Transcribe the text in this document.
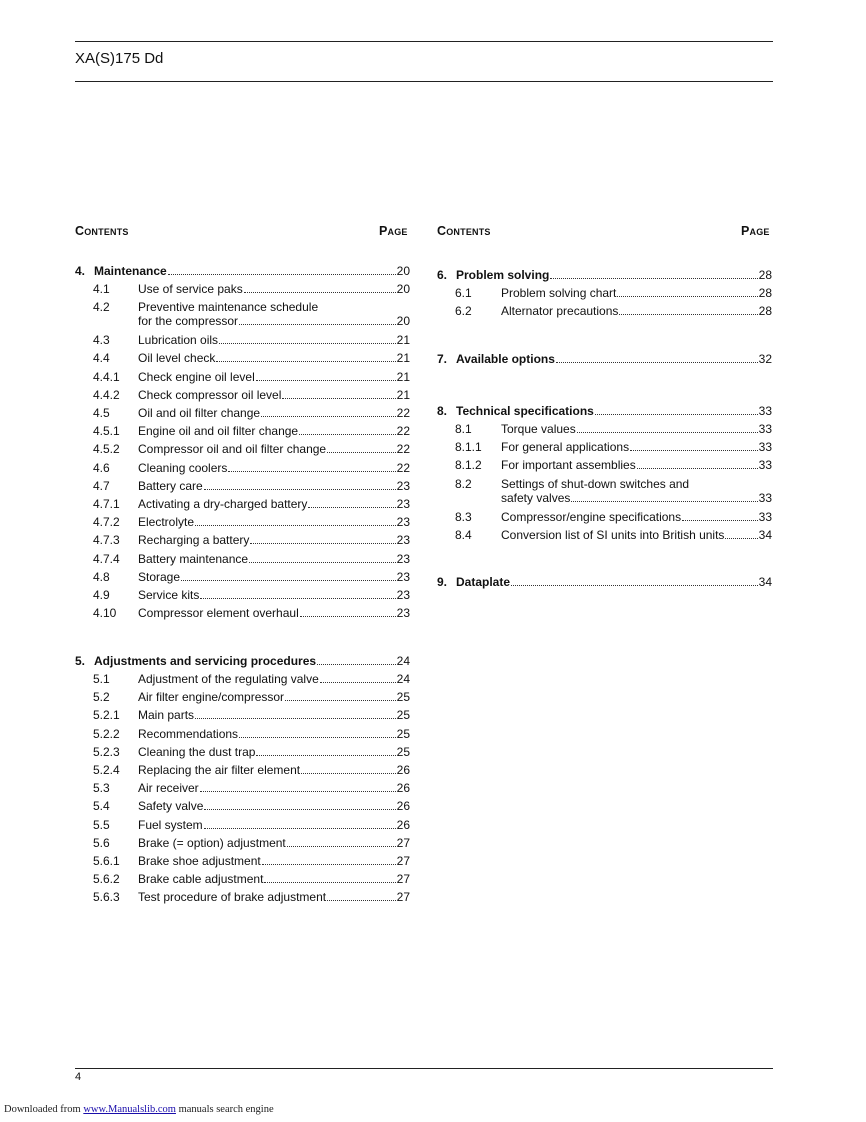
XA(S)175 Dd
Contents	Page Contents	Page
4. Maintenance	20
4.1 Use of service paks	20
4.2 Preventive maintenance schedule
for the compressor	20
4.3 Lubrication oils	21
4.4 Oil level check	21
4.4.1 Check engine oil level	21
4.4.2 Check compressor oil level	21
4.5 Oil and oil filter change	22
4.5.1 Engine oil and oil filter change	22
4.5.2 Compressor oil and oil filter change	22
4.6 Cleaning coolers	22
4.7 Battery care	23
4.7.1 Activating a dry-charged battery	23
4.7.2 Electrolyte	23
4.7.3 Recharging a battery	23
4.7.4 Battery maintenance	23
4.8 Storage	23
4.9 Service kits	23
4.10 Compressor element overhaul	23
5. Adjustments and servicing procedures	24
5.1 Adjustment of the regulating valve	24
5.2 Air filter engine/compressor	25
5.2.1 Main parts	25
5.2.2 Recommendations	25
5.2.3 Cleaning the dust trap	25
5.2.4 Replacing the air filter element	26
5.3 Air receiver	26
5.4 Safety valve	26
5.5 Fuel system	26
5.6 Brake (= option) adjustment	27
5.6.1 Brake shoe adjustment	27
5.6.2 Brake cable adjustment	27
5.6.3 Test procedure of brake adjustment	27
6. Problem solving	28
6.1 Problem solving chart	28
6.2 Alternator precautions	28
7. Available options	32
8. Technical specifications	33
8.1 Torque values	33
8.1.1 For general applications	33
8.1.2 For important assemblies	33
8.2 Settings of shut-down switches and
safety valves	33
8.3 Compressor/engine specifications	33
8.4 Conversion list of SI units into British units	34
9. Dataplate	34
4
Downloaded from www.Manualslib.com manuals search engine
